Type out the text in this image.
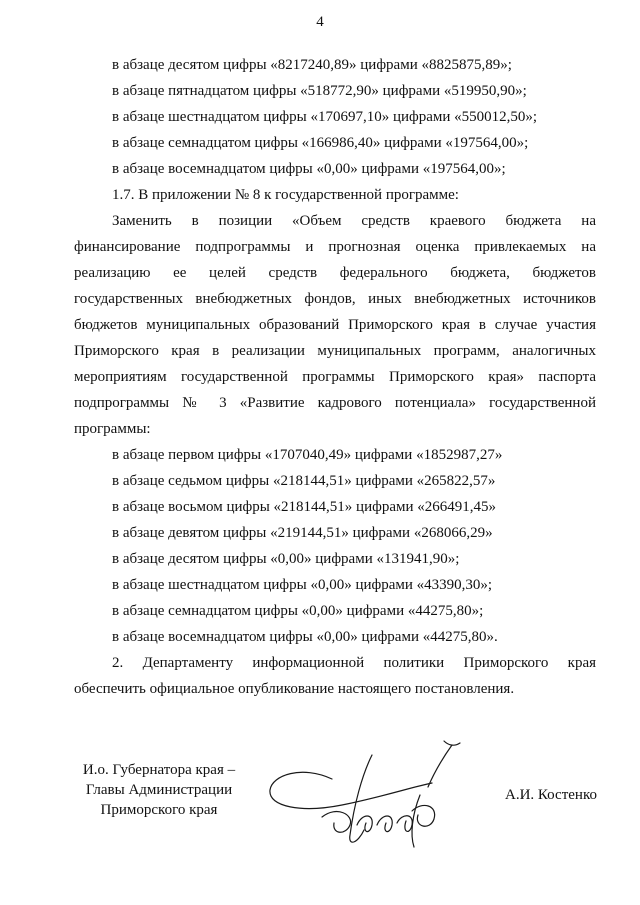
4
в абзаце десятом цифры «8217240,89» цифрами «8825875,89»;
в абзаце пятнадцатом цифры «518772,90» цифрами «519950,90»;
в абзаце шестнадцатом цифры «170697,10» цифрами «550012,50»;
в абзаце семнадцатом цифры «166986,40» цифрами «197564,00»;
в абзаце восемнадцатом цифры «0,00» цифрами «197564,00»;
1.7. В приложении № 8 к государственной программе:
Заменить в позиции «Объем средств краевого бюджета на
финансирование подпрограммы и прогнозная оценка привлекаемых на
реализацию ее целей средств федерального бюджета, бюджетов
государственных внебюджетных фондов, иных внебюджетных источников
бюджетов муниципальных образований Приморского края в случае участия
Приморского края в реализации муниципальных программ, аналогичных
мероприятиям государственной программы Приморского края» паспорта
подпрограммы № 3 «Развитие кадрового потенциала» государственной
программы:
в абзаце первом цифры «1707040,49» цифрами «1852987,27»
в абзаце седьмом цифры «218144,51» цифрами «265822,57»
в абзаце восьмом цифры «218144,51» цифрами «266491,45»
в абзаце девятом цифры «219144,51» цифрами «268066,29»
в абзаце десятом цифры «0,00» цифрами «131941,90»;
в абзаце шестнадцатом цифры «0,00» цифрами «43390,30»;
в абзаце семнадцатом цифры «0,00» цифрами «44275,80»;
в абзаце восемнадцатом цифры «0,00» цифрами «44275,80».
2. Департаменту информационной политики Приморского края
обеспечить официальное опубликование настоящего постановления.
И.о. Губернатора края –
Главы Администрации
Приморского края
А.И. Костенко
